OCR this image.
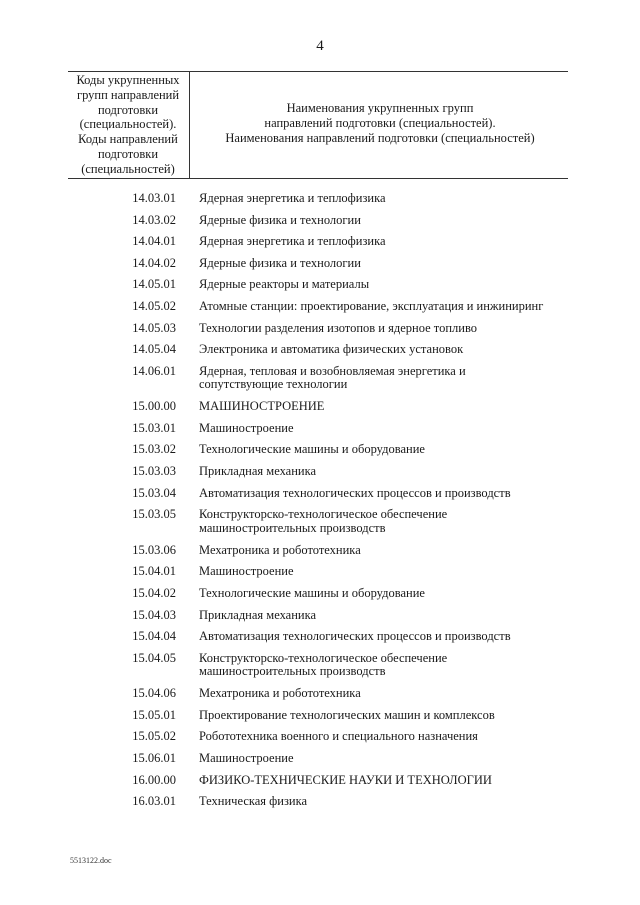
4
Коды укрупненных
групп направлений
подготовки
(специальностей).
Коды направлений
подготовки
(специальностей)
Наименования укрупненных групп
направлений подготовки (специальностей).
Наименования направлений подготовки (специальностей)
14.03.01 Ядерная энергетика и теплофизика
14.03.02 Ядерные физика и технологии
14.04.01 Ядерная энергетика и теплофизика
14.04.02 Ядерные физика и технологии
14.05.01 Ядерные реакторы и материалы
14.05.02 Атомные станции: проектирование, эксплуатация и инжиниринг
14.05.03 Технологии разделения изотопов и ядерное топливо
14.05.04 Электроника и автоматика физических установок
14.06.01 Ядерная, тепловая и возобновляемая энергетика и
сопутствующие технологии
15.00.00 МАШИНОСТРОЕНИЕ
15.03.01 Машиностроение
15.03.02 Технологические машины и оборудование
15.03.03 Прикладная механика
15.03.04 Автоматизация технологических процессов и производств
15.03.05 Конструкторско-технологическое обеспечение
машиностроительных производств
15.03.06 Мехатроника и робототехника
15.04.01 Машиностроение
15.04.02 Технологические машины и оборудование
15.04.03 Прикладная механика
15.04.04 Автоматизация технологических процессов и производств
15.04.05 Конструкторско-технологическое обеспечение
машиностроительных производств
15.04.06 Мехатроника и робототехника
15.05.01 Проектирование технологических машин и комплексов
15.05.02 Робототехника военного и специального назначения
15.06.01 Машиностроение
16.00.00 ФИЗИКО-ТЕХНИЧЕСКИЕ НАУКИ И ТЕХНОЛОГИИ
16.03.01 Техническая физика
5513122.doc
